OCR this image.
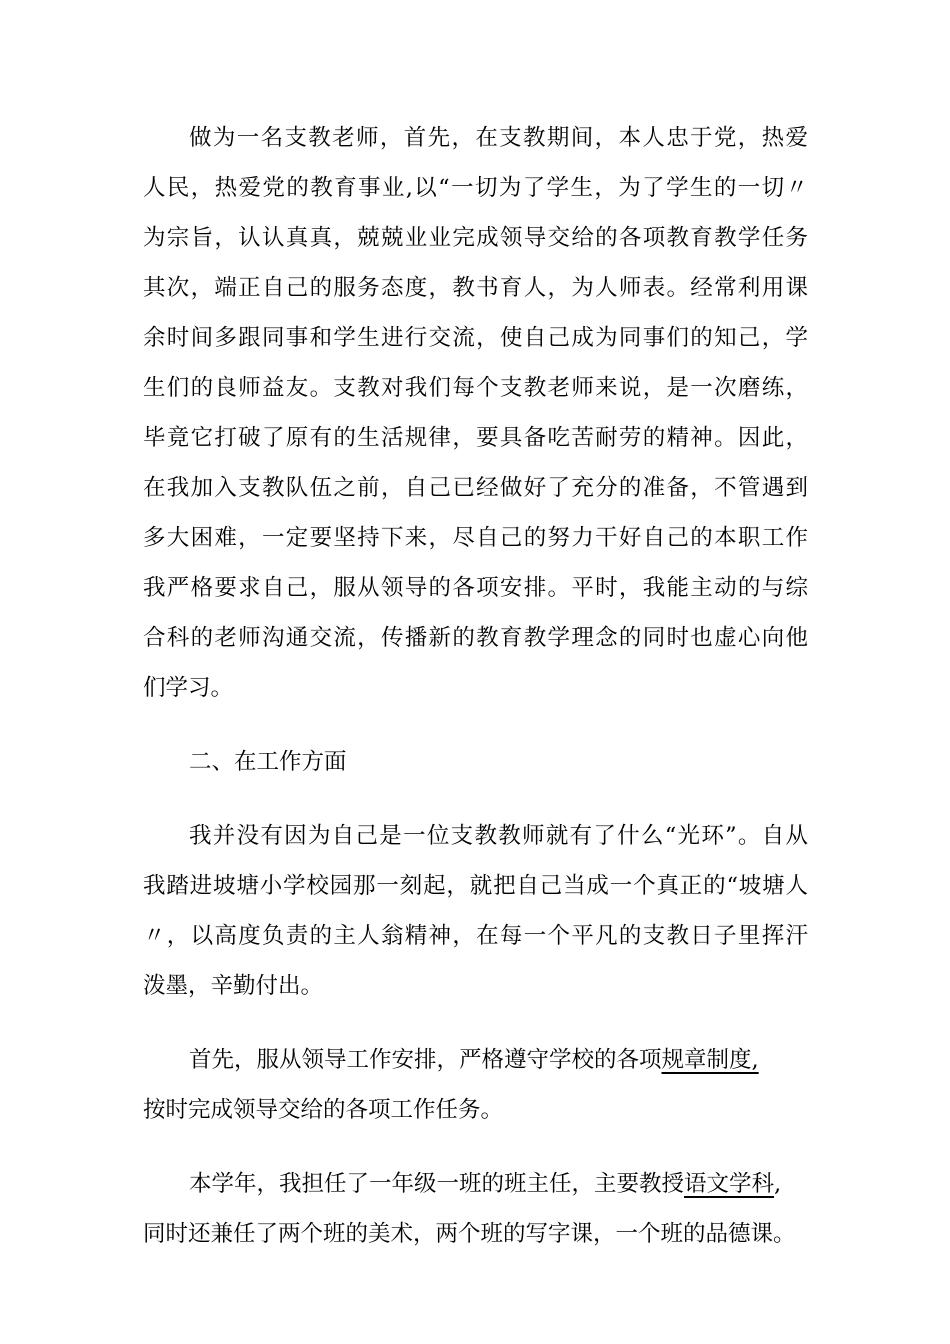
做为一名支教老师，首先，在支教期间，本人忠于党，热爱
人民，热爱党的教育事业,以“一切为了学生，为了学生的一切〃
为宗旨，认认真真，兢兢业业完成领导交给的各项教育教学任务
其次，端正自己的服务态度，教书育人，为人师表。经常利用课
余时间多跟同事和学生进行交流，使自己成为同事们的知己，学
生们的良师益友。支教对我们每个支教老师来说，是一次磨练，
毕竟它打破了原有的生活规律，要具备吃苦耐劳的精神。因此，
在我加入支教队伍之前，自己已经做好了充分的准备，不管遇到
多大困难，一定要坚持下来，尽自己的努力干好自己的本职工作
我严格要求自己，服从领导的各项安排。平时，我能主动的与综
合科的老师沟通交流，传播新的教育教学理念的同时也虚心向他
们学习。
二、在工作方面
我并没有因为自己是一位支教教师就有了什么“光环”。自从
我踏进坡塘小学校园那一刻起，就把自己当成一个真正的“坡塘人
〃，以高度负责的主人翁精神，在每一个平凡的支教日子里挥汗
泼墨，辛勤付出。
首先，服从领导工作安排，严格遵守学校的各项规章制度,
按时完成领导交给的各项工作任务。
本学年，我担任了一年级一班的班主任，主要教授语文学科,
同时还兼任了两个班的美术，两个班的写字课，一个班的品德课。
